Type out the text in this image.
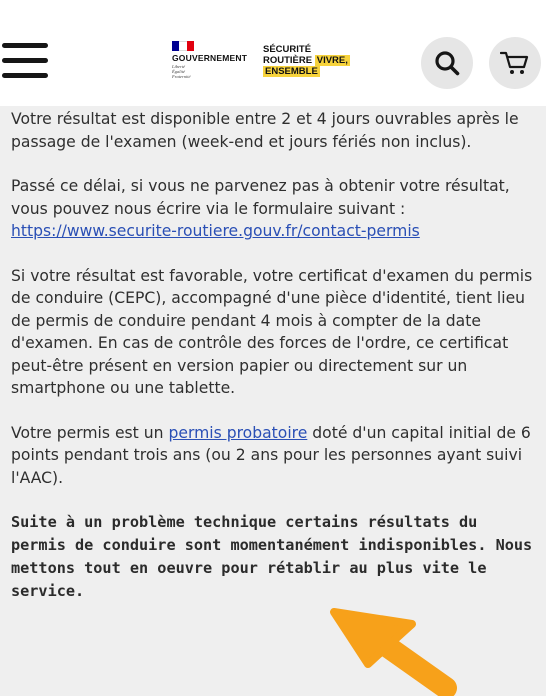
GOUVERNEMENT
Liberté
Égalité
Fraternité
SÉCURITÉ
ROUTIÈRE VIVRE,
ENSEMBLE

Votre résultat est disponible entre 2 et 4 jours ouvrables après le passage de l'examen (week-end et jours fériés non inclus).

Passé ce délai, si vous ne parvenez pas à obtenir votre résultat, vous pouvez nous écrire via le formulaire suivant :
https://www.securite-routiere.gouv.fr/contact-permis

Si votre résultat est favorable, votre certificat d'examen du permis de conduire (CEPC), accompagné d'une pièce d'identité, tient lieu de permis de conduire pendant 4 mois à compter de la date d'examen. En cas de contrôle des forces de l'ordre, ce certificat peut-être présent en version papier ou directement sur un smartphone ou une tablette.

Votre permis est un permis probatoire doté d'un capital initial de 6 points pendant trois ans (ou 2 ans pour les personnes ayant suivi l'AAC).

Suite à un problème technique certains résultats du permis de conduire sont momentanément indisponibles. Nous mettons tout en oeuvre pour rétablir au plus vite le service.
